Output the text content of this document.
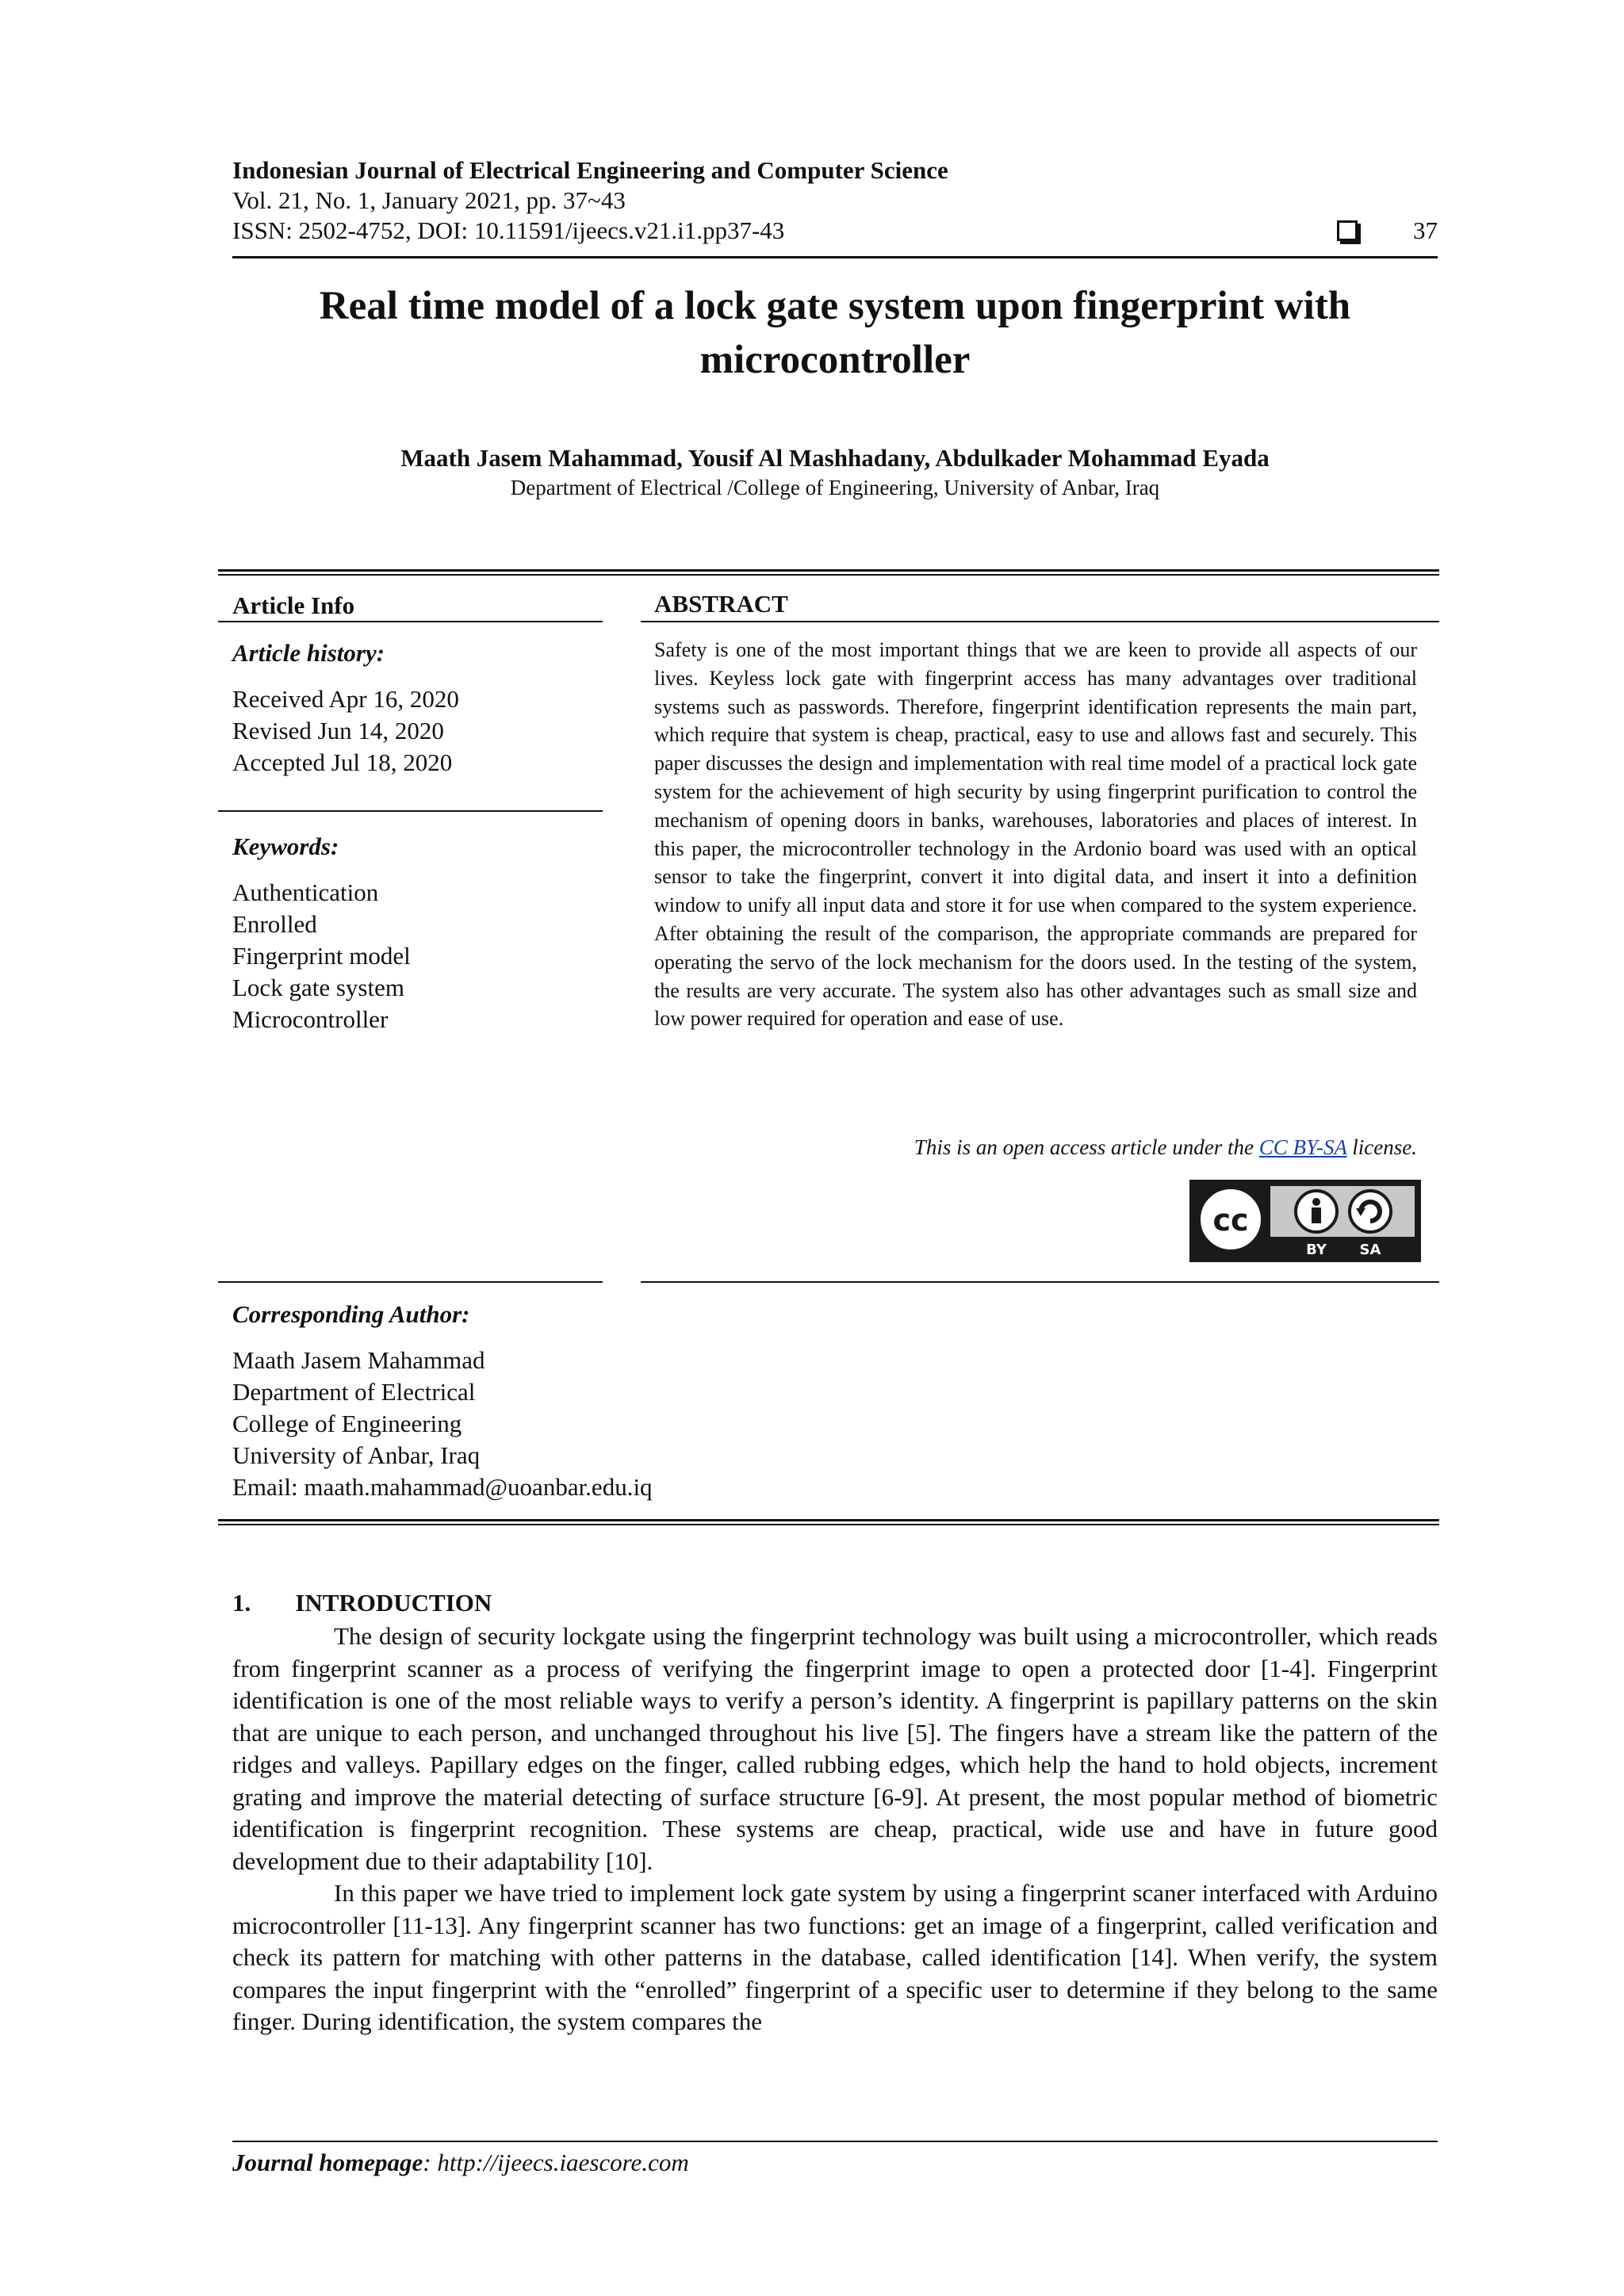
Indonesian Journal of Electrical Engineering and Computer Science
Vol. 21, No. 1, January 2021, pp. 37~43
ISSN: 2502-4752, DOI: 10.11591/ijeecs.v21.i1.pp37-43	37
Real time model of a lock gate system upon fingerprint with microcontroller
Maath Jasem Mahammad, Yousif Al Mashhadany, Abdulkader Mohammad Eyada
Department of Electrical /College of Engineering, University of Anbar, Iraq
Article Info
Article history:
Received Apr 16, 2020
Revised Jun 14, 2020
Accepted Jul 18, 2020
Keywords:
Authentication
Enrolled
Fingerprint model
Lock gate system
Microcontroller
ABSTRACT
Safety is one of the most important things that we are keen to provide all aspects of our lives. Keyless lock gate with fingerprint access has many advantages over traditional systems such as passwords. Therefore, fingerprint identification represents the main part, which require that system is cheap, practical, easy to use and allows fast and securely. This paper discusses the design and implementation with real time model of a practical lock gate system for the achievement of high security by using fingerprint purification to control the mechanism of opening doors in banks, warehouses, laboratories and places of interest. In this paper, the microcontroller technology in the Ardonio board was used with an optical sensor to take the fingerprint, convert it into digital data, and insert it into a definition window to unify all input data and store it for use when compared to the system experience. After obtaining the result of the comparison, the appropriate commands are prepared for operating the servo of the lock mechanism for the doors used. In the testing of the system, the results are very accurate. The system also has other advantages such as small size and low power required for operation and ease of use.
This is an open access article under the CC BY-SA license.
cc
BY SA
Corresponding Author:
Maath Jasem Mahammad
Department of Electrical
College of Engineering
University of Anbar, Iraq
Email: maath.mahammad@uoanbar.edu.iq
1. INTRODUCTION

The design of security lockgate using the fingerprint technology was built using a microcontroller, which reads from fingerprint scanner as a process of verifying the fingerprint image to open a protected door [1-4]. Fingerprint identification is one of the most reliable ways to verify a person’s identity. A fingerprint is papillary patterns on the skin that are unique to each person, and unchanged throughout his live [5]. The fingers have a stream like the pattern of the ridges and valleys. Papillary edges on the finger, called rubbing edges, which help the hand to hold objects, increment grating and improve the material detecting of surface structure [6-9]. At present, the most popular method of biometric identification is fingerprint recognition. These systems are cheap, practical, wide use and have in future good development due to their adaptability [10].

In this paper we have tried to implement lock gate system by using a fingerprint scaner interfaced with Arduino microcontroller [11-13]. Any fingerprint scanner has two functions: get an image of a fingerprint, called verification and check its pattern for matching with other patterns in the database, called identification [14]. When verify, the system compares the input fingerprint with the “enrolled” fingerprint of a specific user to determine if they belong to the same finger. During identification, the system compares the

Journal homepage: http://ijeecs.iaescore.com
